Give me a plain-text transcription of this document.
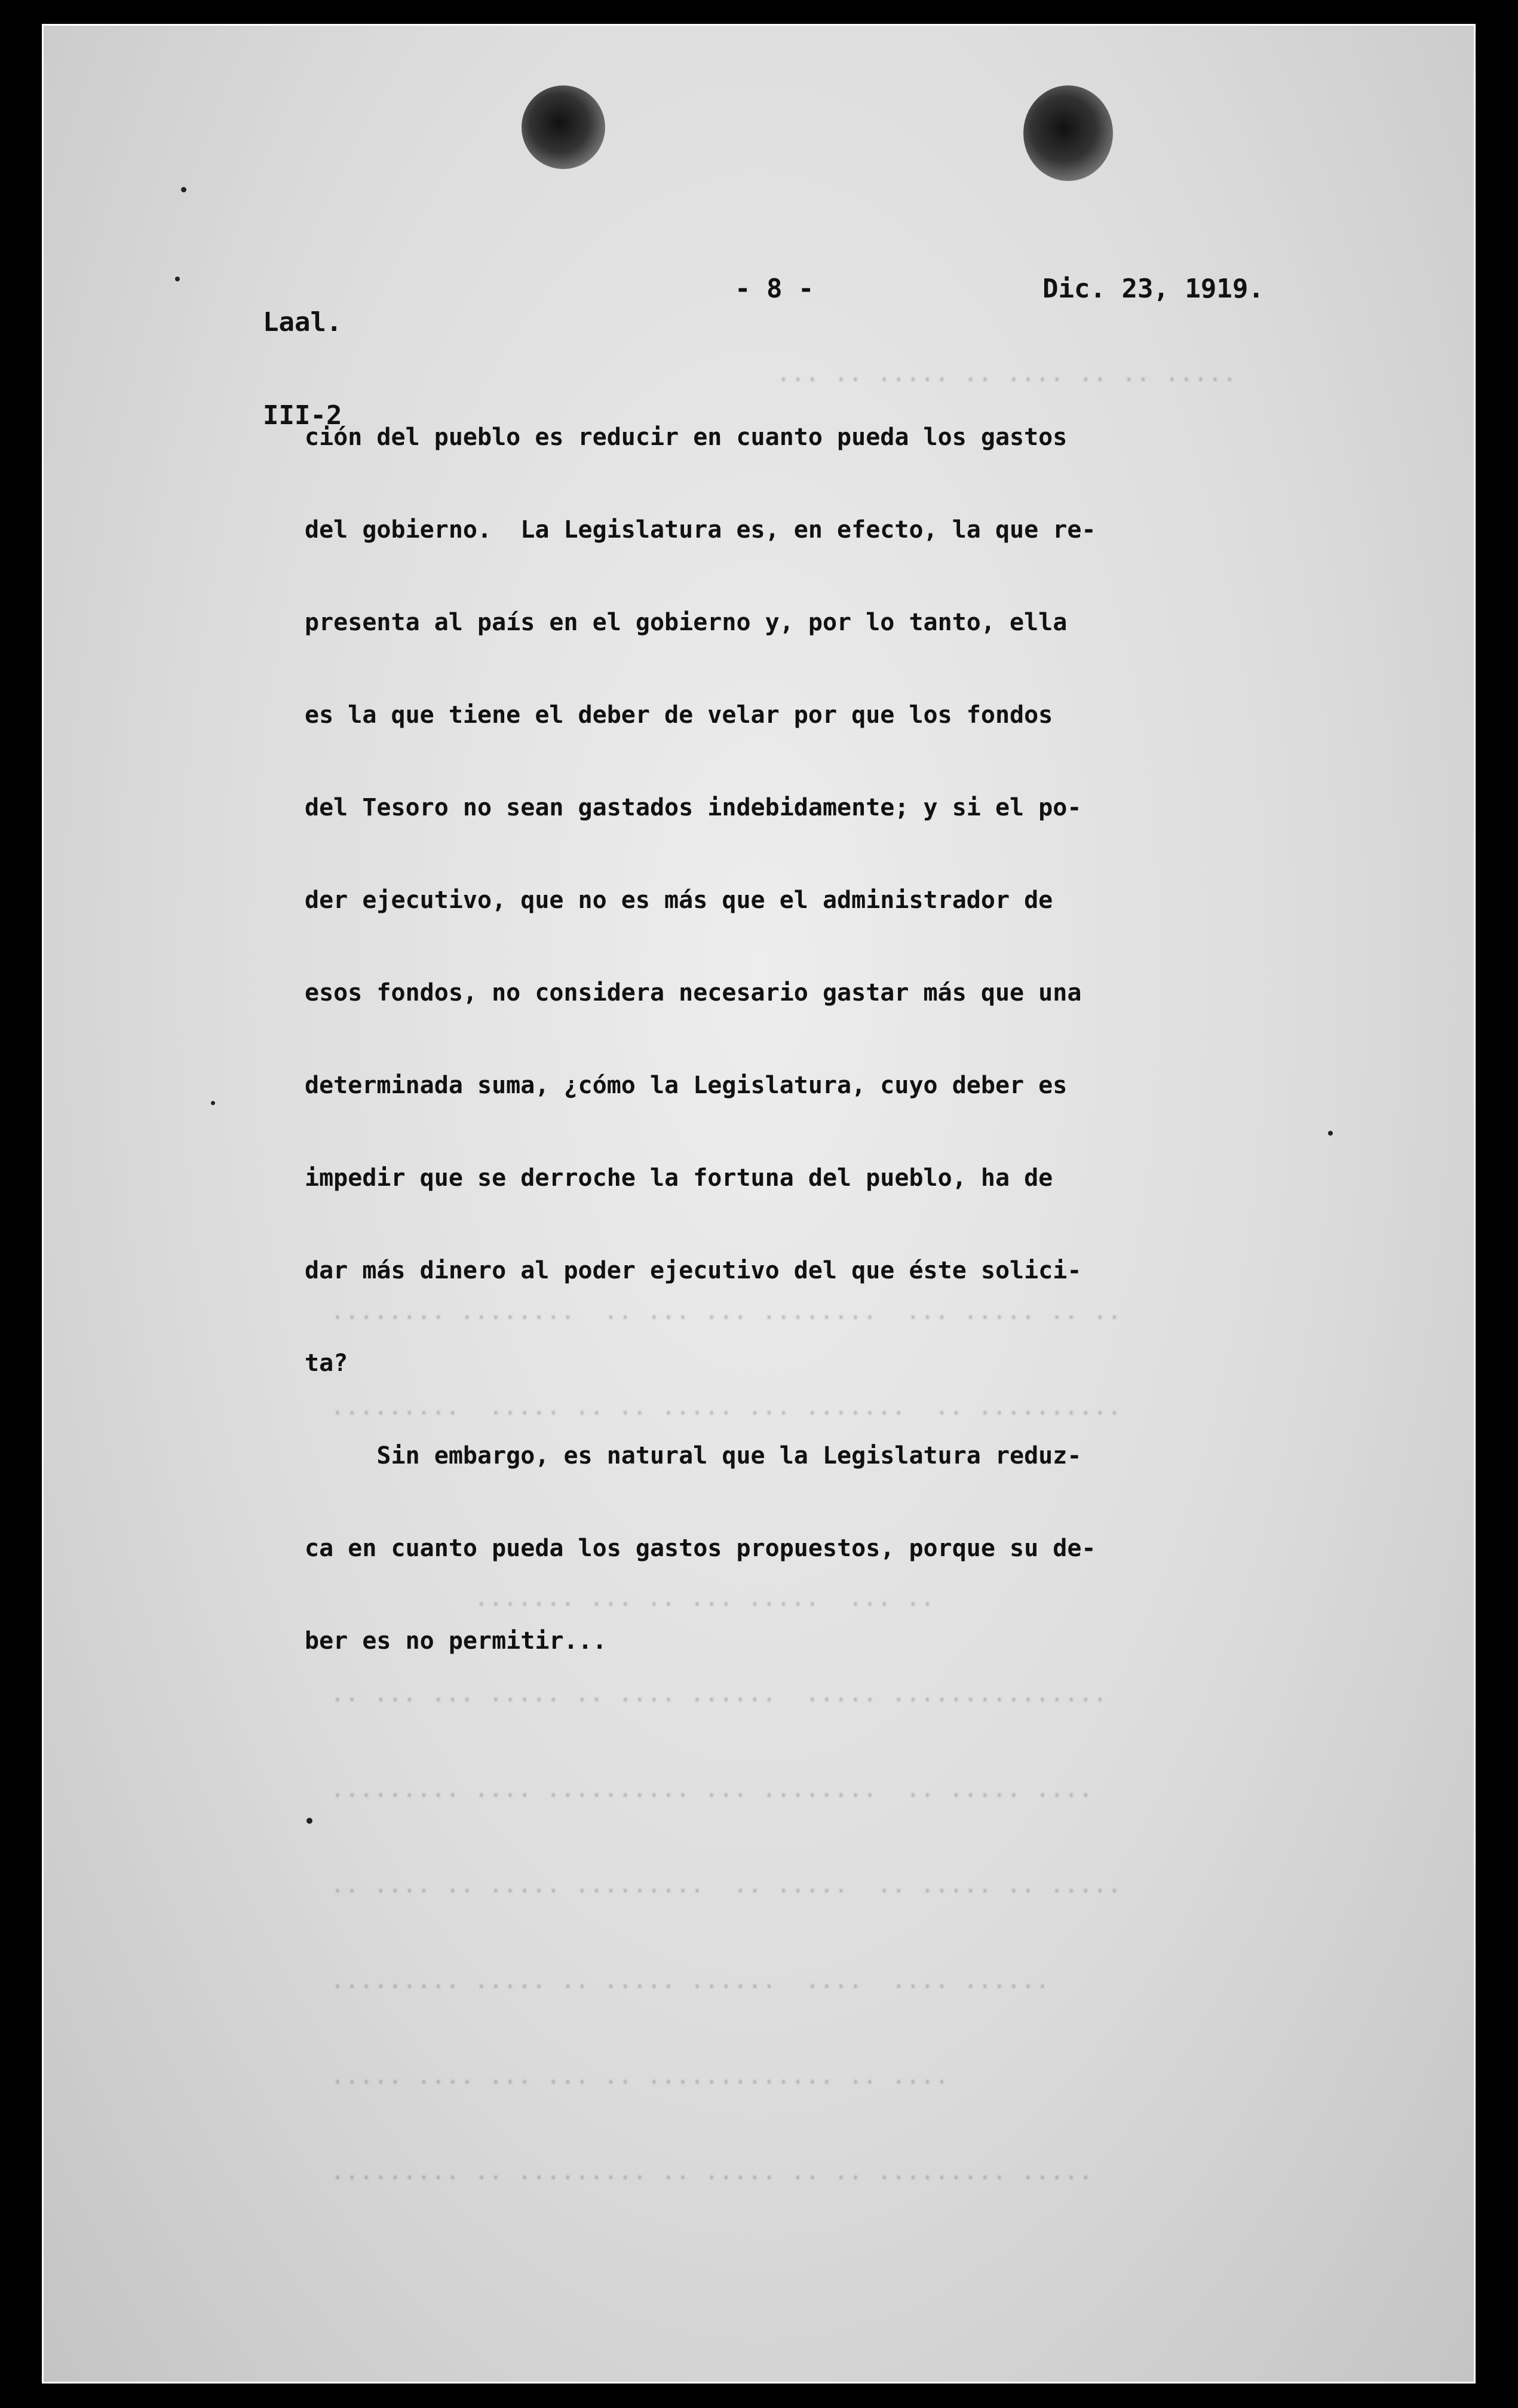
··· ·· ····· ·· ···· ·· ·· ·····
········ ········  ·· ··· ··· ········  ··· ····· ·· ··
·········  ····· ·· ·· ····· ··· ·······  ·· ··········
······· ··· ·· ··· ·····  ··· ··
·· ··· ··· ····· ·· ···· ······  ····· ···············
········· ···· ·········· ··· ········  ·· ····· ····
·· ···· ·· ····· ·········  ·· ·····  ·· ····· ·· ·····
········· ····· ·· ····· ······  ····  ···· ······
····· ···· ··· ··· ·· ············· ·· ····
········· ·· ········· ·· ····· ·· ·· ········· ·····

Laal.

III-2

- 8 -	Dic. 23, 1919.
ción del pueblo es reducir en cuanto pueda los gastos
del gobierno.  La Legislatura es, en efecto, la que re-
presenta al país en el gobierno y, por lo tanto, ella
es la que tiene el deber de velar por que los fondos
del Tesoro no sean gastados indebidamente; y si el po-
der ejecutivo, que no es más que el administrador de
esos fondos, no considera necesario gastar más que una
determinada suma, ¿cómo la Legislatura, cuyo deber es
impedir que se derroche la fortuna del pueblo, ha de
dar más dinero al poder ejecutivo del que éste solici-
ta?
Sin embargo, es natural que la Legislatura reduz-
ca en cuanto pueda los gastos propuestos, porque su de-
ber es no permitir...
